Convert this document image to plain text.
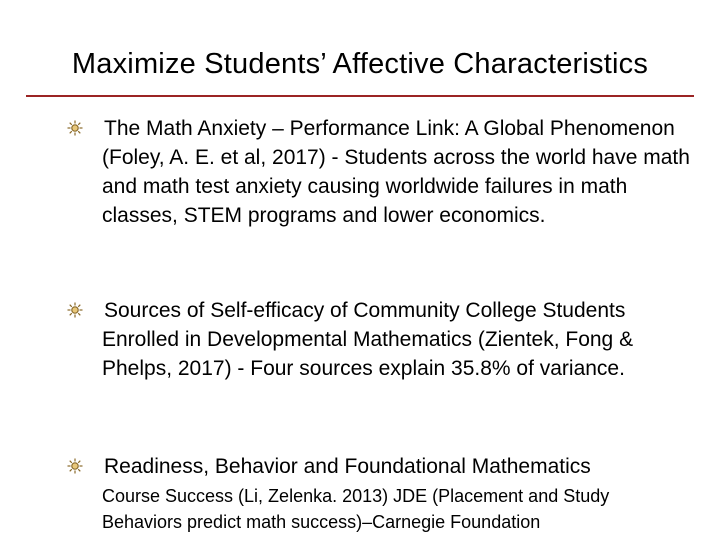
Maximize Students’ Affective Characteristics

The Math Anxiety – Performance Link: A Global Phenomenon (Foley, A. E. et al, 2017) - Students across the world have math and math test anxiety causing worldwide failures in math classes, STEM programs and lower economics.

Sources of Self-efficacy of Community College Students Enrolled in Developmental Mathematics (Zientek, Fong & Phelps, 2017) - Four sources explain 35.8% of variance.

Readiness, Behavior and Foundational Mathematics

Course Success (Li, Zelenka. 2013) JDE (Placement and Study Behaviors predict math success)–Carnegie Foundation
